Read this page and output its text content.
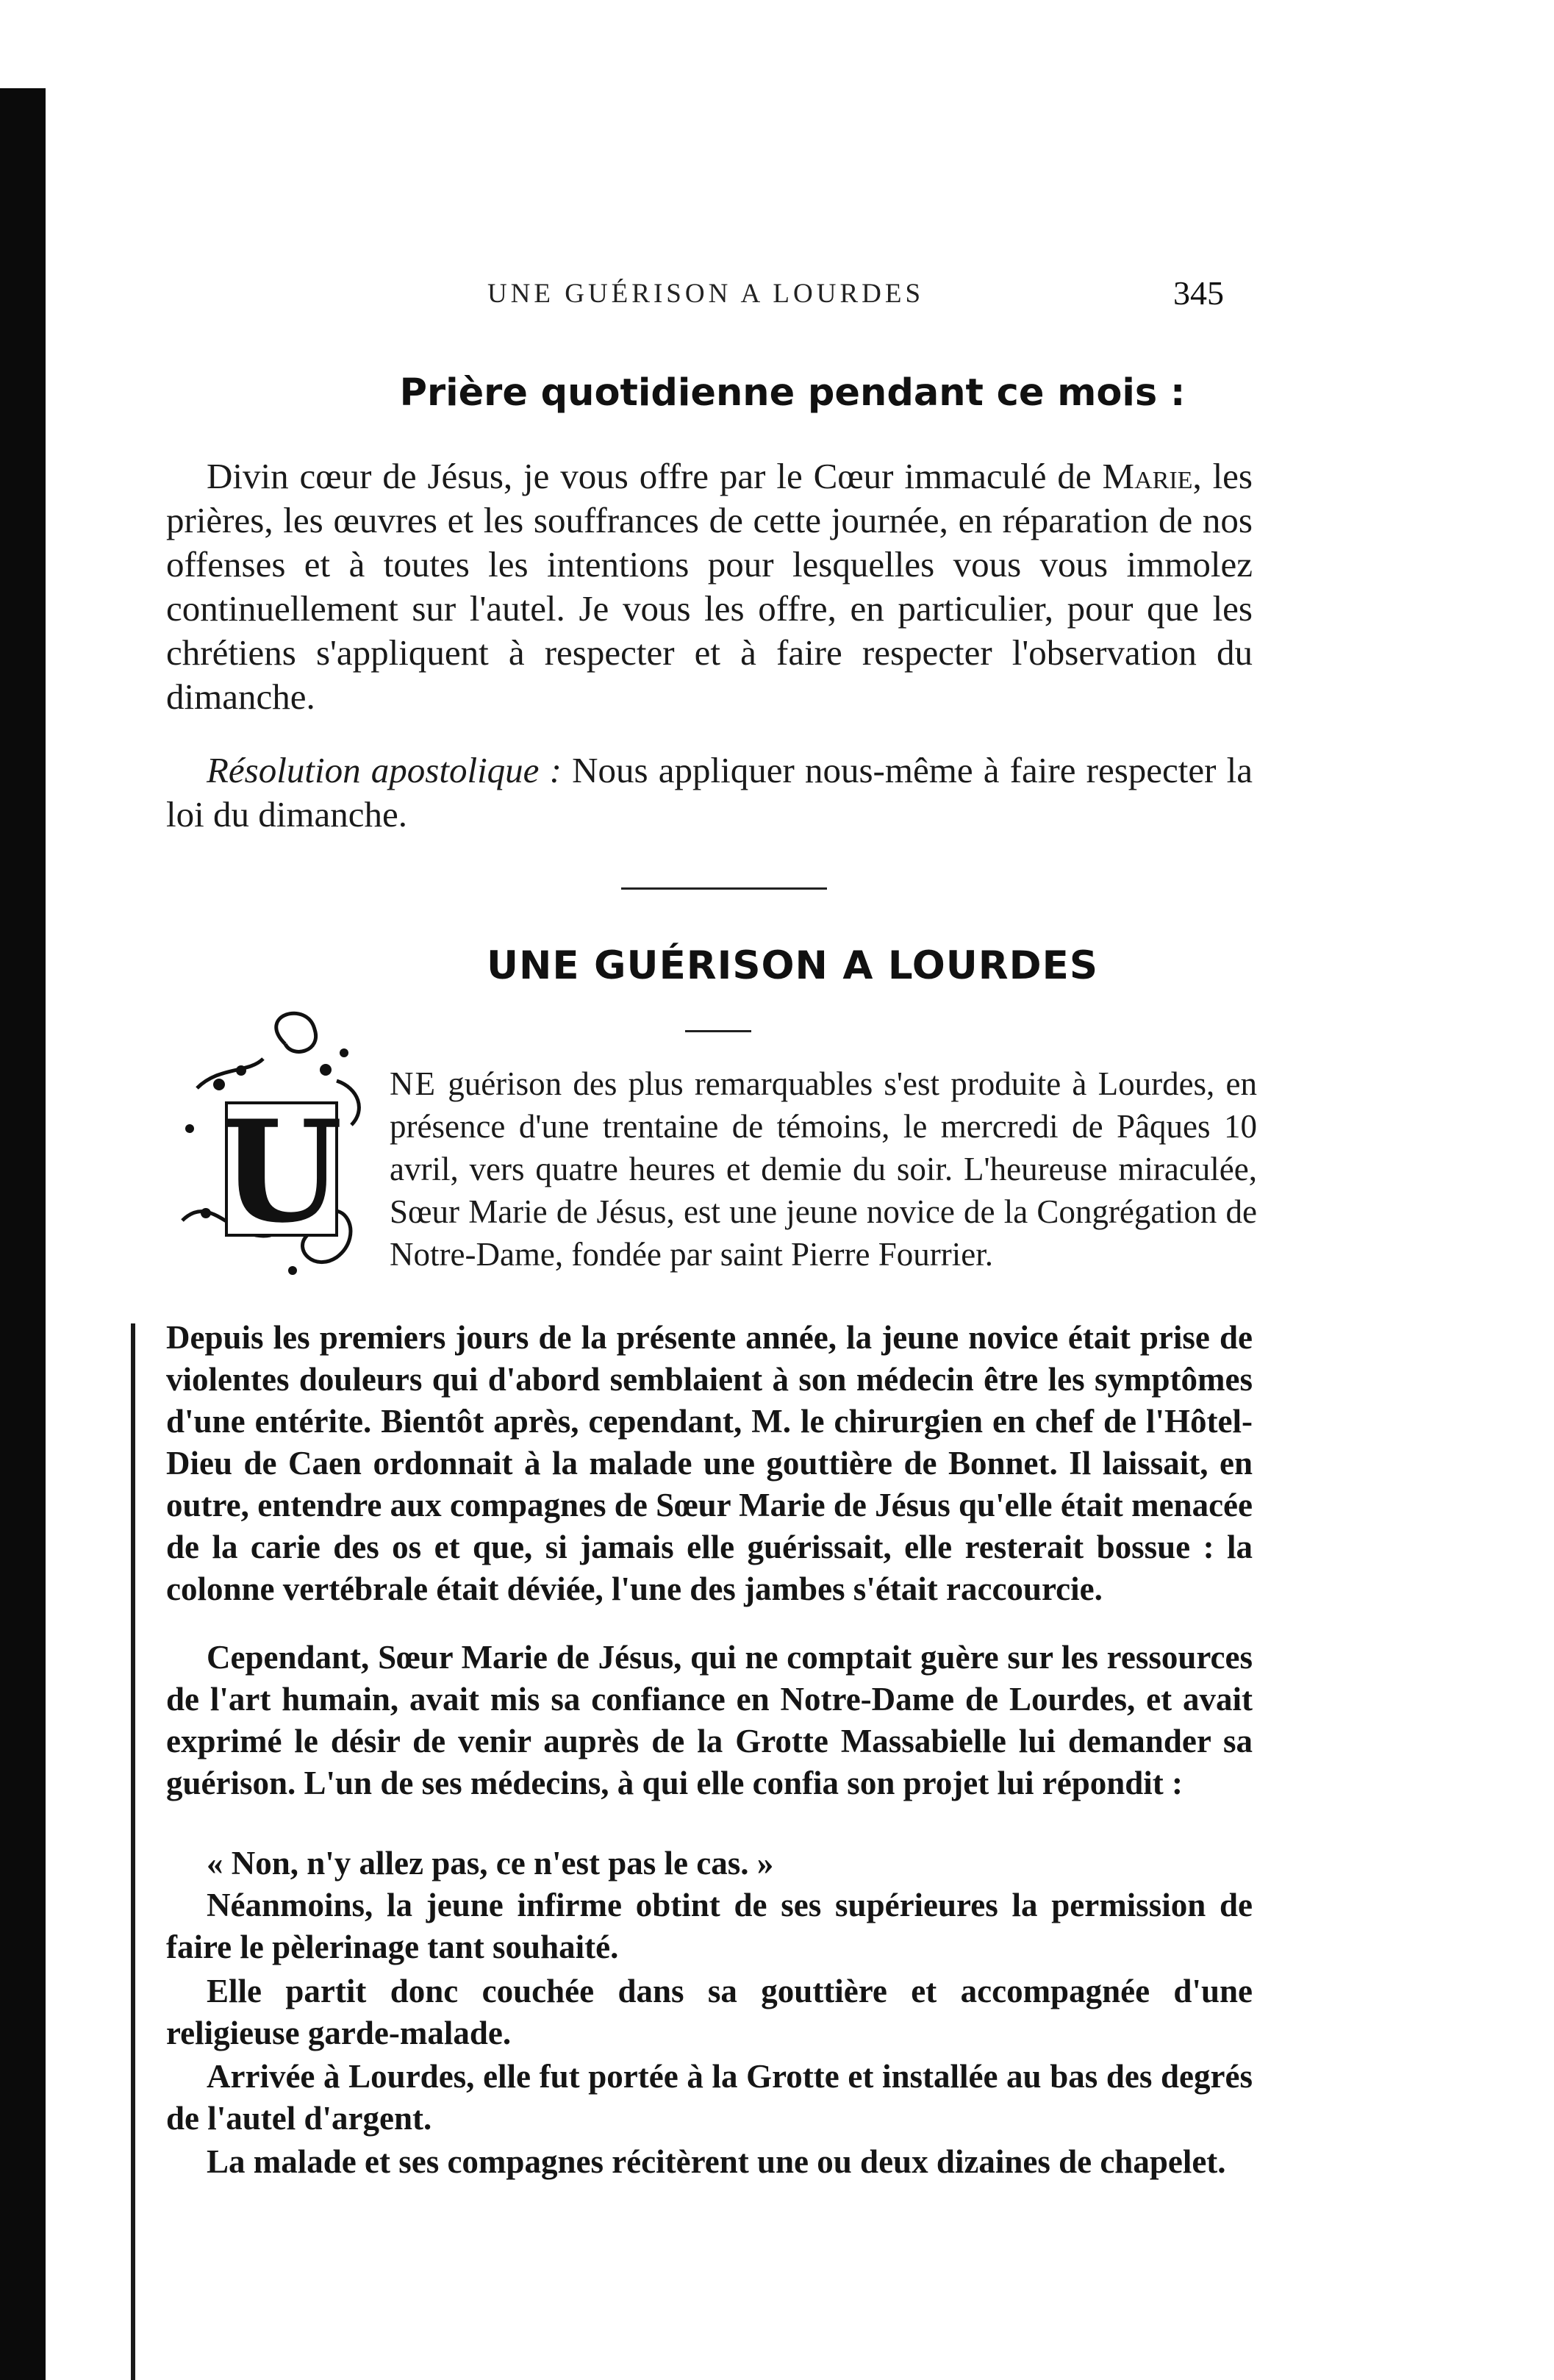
UNE GUÉRISON A LOURDES	345
Prière quotidienne pendant ce mois :

Divin cœur de Jésus, je vous offre par le Cœur immaculé de Marie, les prières, les œuvres et les souffrances de cette journée, en réparation de nos offenses et à toutes les intentions pour lesquelles vous vous immolez continuellement sur l'autel. Je vous les offre, en particulier, pour que les chrétiens s'appliquent à respecter et à faire respecter l'observation du dimanche.

Résolution apostolique : Nous appliquer nous-même à faire respecter la loi du dimanche.

UNE GUÉRISON A LOURDES
U

NE guérison des plus remarquables s'est produite à Lourdes, en présence d'une trentaine de témoins, le mercredi de Pâques 10 avril, vers quatre heures et demie du soir. L'heureuse miraculée, Sœur Marie de Jésus, est une jeune novice de la Congrégation de Notre-Dame, fondée par saint Pierre Fourrier.

Depuis les premiers jours de la présente année, la jeune novice était prise de violentes douleurs qui d'abord semblaient à son médecin être les symptômes d'une entérite. Bientôt après, cependant, M. le chirurgien en chef de l'Hôtel-Dieu de Caen ordonnait à la malade une gouttière de Bonnet. Il laissait, en outre, entendre aux compagnes de Sœur Marie de Jésus qu'elle était menacée de la carie des os et que, si jamais elle guérissait, elle resterait bossue : la colonne vertébrale était déviée, l'une des jambes s'était raccourcie.

Cependant, Sœur Marie de Jésus, qui ne comptait guère sur les ressources de l'art humain, avait mis sa confiance en Notre-Dame de Lourdes, et avait exprimé le désir de venir auprès de la Grotte Massabielle lui demander sa guérison. L'un de ses médecins, à qui elle confia son projet lui répondit :

« Non, n'y allez pas, ce n'est pas le cas. »

Néanmoins, la jeune infirme obtint de ses supérieures la permission de faire le pèlerinage tant souhaité.

Elle partit donc couchée dans sa gouttière et accompagnée d'une religieuse garde-malade.

Arrivée à Lourdes, elle fut portée à la Grotte et installée au bas des degrés de l'autel d'argent.

La malade et ses compagnes récitèrent une ou deux dizaines de chapelet.
